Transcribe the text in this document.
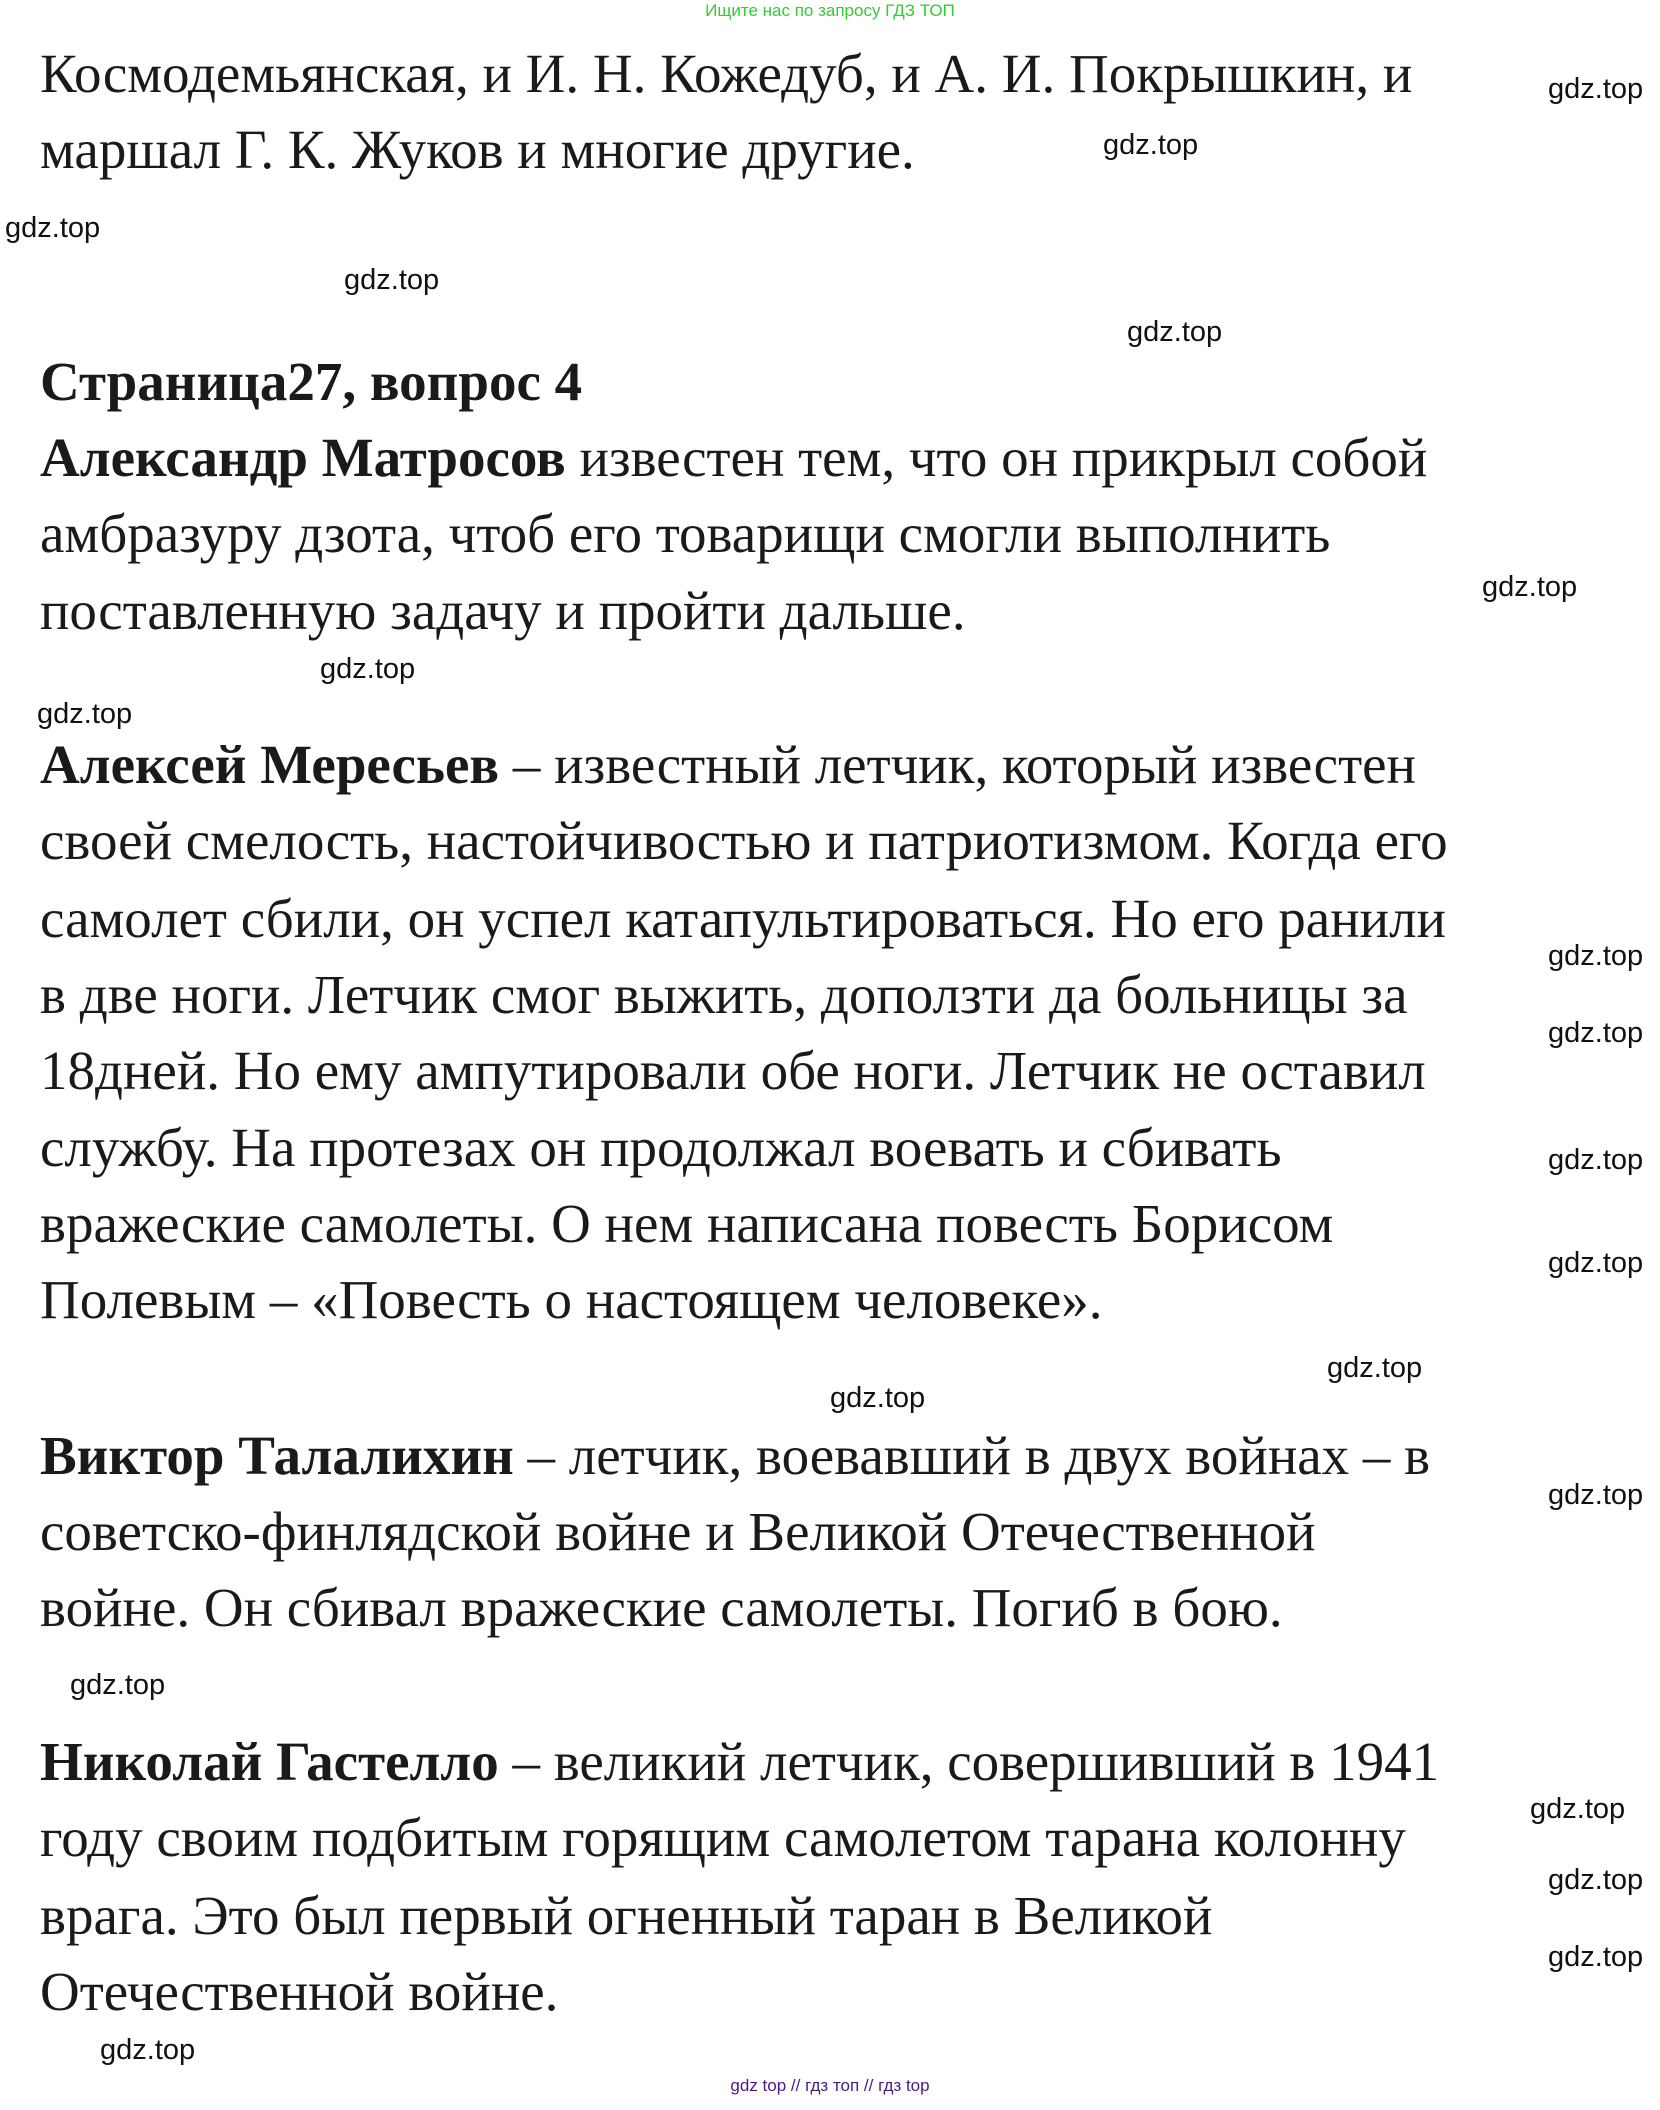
Ищите нас по запросу ГДЗ ТОП
Космодемьянская, и И. Н. Кожедуб, и А. И. Покрышкин, и
маршал Г. К. Жуков и многие другие.
Страница27, вопрос 4
Александр Матросов известен тем, что он прикрыл собой
амбразуру дзота, чтоб его товарищи смогли выполнить
поставленную задачу и пройти дальше.
Алексей Мересьев – известный летчик, который известен
своей смелость, настойчивостью и патриотизмом. Когда его
самолет сбили, он успел катапультироваться. Но его ранили
в две ноги. Летчик смог выжить, доползти да больницы за
18дней. Но ему ампутировали обе ноги. Летчик не оставил
службу. На протезах он продолжал воевать и сбивать
вражеские самолеты. О нем написана повесть Борисом
Полевым – «Повесть о настоящем человеке».
Виктор Талалихин – летчик, воевавший в двух войнах – в
советско-финлядской войне и Великой Отечественной
войне. Он сбивал вражеские самолеты. Погиб в бою.
Николай Гастелло – великий летчик, совершивший в 1941
году своим подбитым горящим самолетом тарана колонну
врага. Это был первый огненный таран в Великой
Отечественной войне.
gdz.top
gdz.top
gdz.top
gdz.top
gdz.top
gdz.top
gdz.top
gdz.top
gdz.top
gdz.top
gdz.top
gdz.top
gdz.top
gdz.top
gdz.top
gdz.top
gdz.top
gdz.top
gdz.top
gdz.top
gdz top // гдз топ // гдз top
